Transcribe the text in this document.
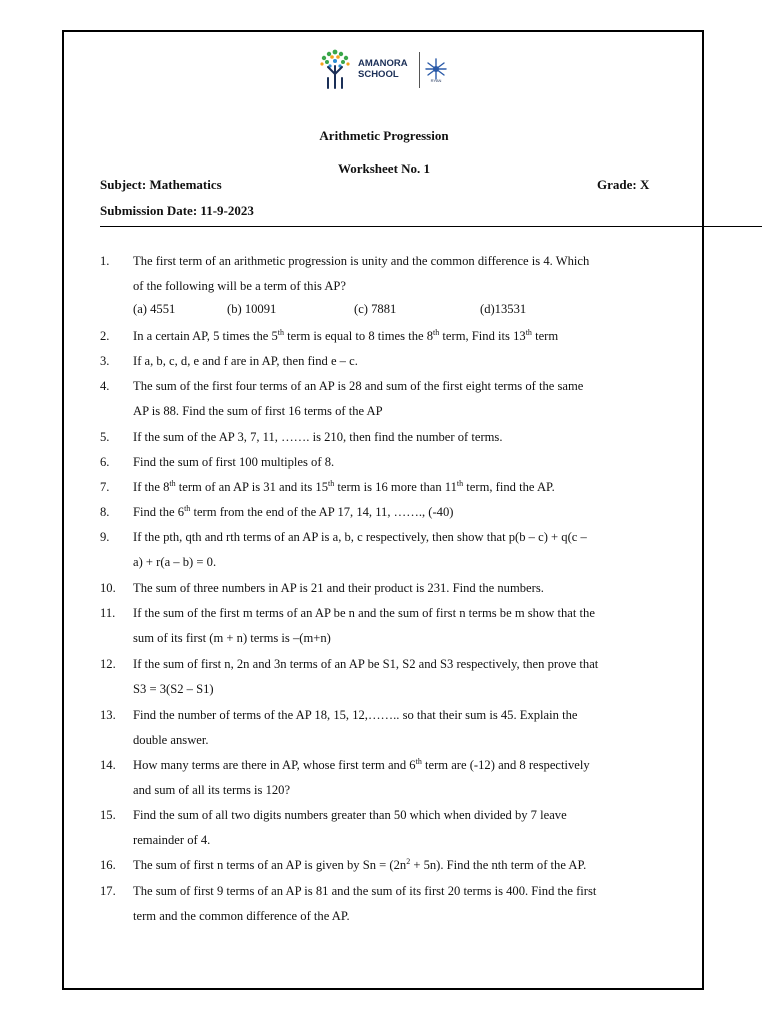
AMANORA
SCHOOL
RYAN
Arithmetic Progression
Worksheet No. 1
Subject: Mathematics	Grade: X
Submission Date: 11-9-2023
1. The first term of an arithmetic progression is unity and the common difference is 4. Which
of the following will be a term of this AP?
2. In a certain AP, 5 times the 5th term is equal to 8 times the 8th term, Find its 13th term
3. If a, b, c, d, e and f are in AP, then find e – c.
4. The sum of the first four terms of an AP is 28 and sum of the first eight terms of the same
AP is 88. Find the sum of first 16 terms of the AP
5. If the sum of the AP 3, 7, 11, ……. is 210, then find the number of terms.
6. Find the sum of first 100 multiples of 8.
7. If the 8th term of an AP is 31 and its 15th term is 16 more than 11th term, find the AP.
8. Find the 6th term from the end of the AP 17, 14, 11, ……., (-40)
9. If the pth, qth and rth terms of an AP is a, b, c respectively, then show that p(b – c) + q(c –
a) + r(a – b) = 0.
10. The sum of three numbers in AP is 21 and their product is 231. Find the numbers.
11. If the sum of the first m terms of an AP be n and the sum of first n terms be m show that the
sum of its first (m + n) terms is –(m+n)
12. If the sum of first n, 2n and 3n terms of an AP be S1, S2 and S3 respectively, then prove that
S3 = 3(S2 – S1)
13. Find the number of terms of the AP 18, 15, 12,…….. so that their sum is 45. Explain the
double answer.
14. How many terms are there in AP, whose first term and 6th term are (-12) and 8 respectively
and sum of all its terms is 120?
15. Find the sum of all two digits numbers greater than 50 which when divided by 7 leave
remainder of 4.
16. The sum of first n terms of an AP is given by $Sn = (2n^2 + 5n)$. Find the nth term of the AP.
17. The sum of first 9 terms of an AP is 81 and the sum of its first 20 terms is 400. Find the first
term and the common difference of the AP.
(a) 4551	(b) 10091	(c) 7881	(d)13531
